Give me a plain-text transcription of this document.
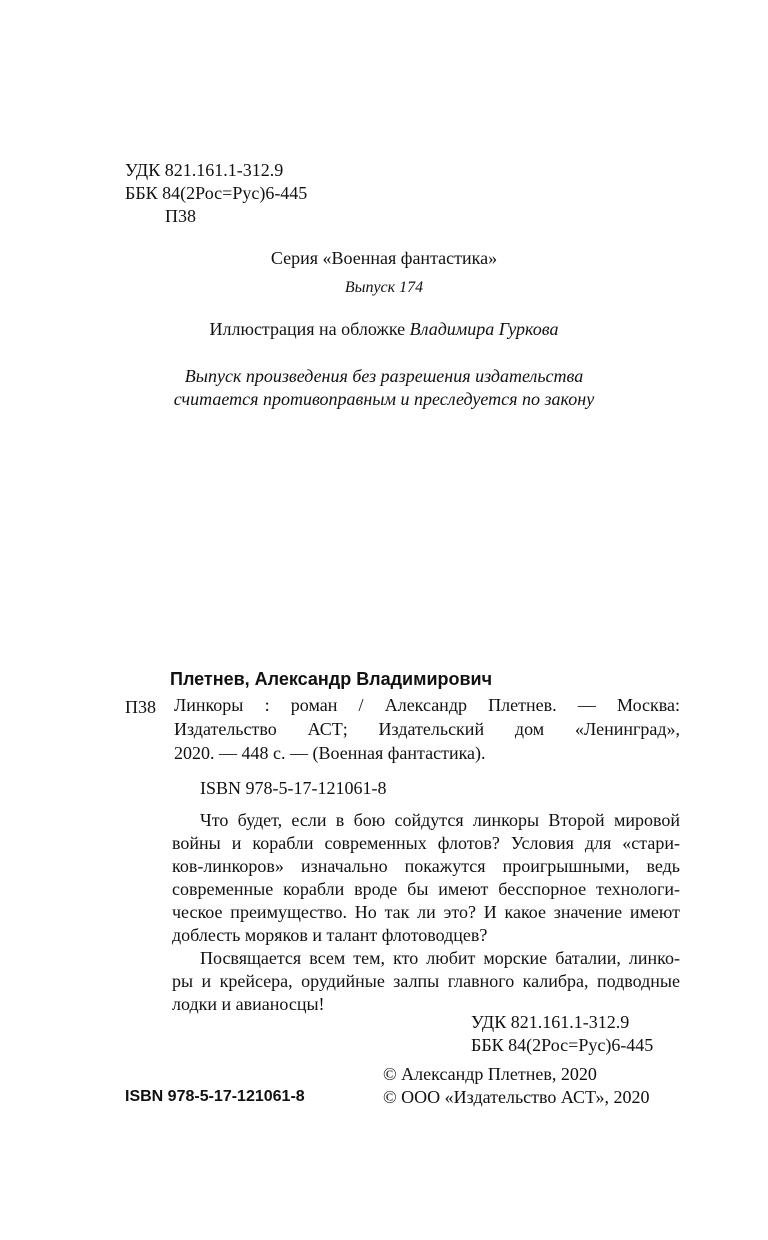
УДК 821.161.1-312.9
ББК 84(2Рос=Рус)6-445
П38
Серия «Военная фантастика»
Выпуск 174
Иллюстрация на обложке Владимира Гуркова
Выпуск произведения без разрешения издательства
считается противоправным и преследуется по закону
Плетнев, Александр Владимирович
П38 Линкоры : роман / Александр Плетнев. — Москва:
Издательство АСТ; Издательский дом «Ленинград»,
2020. — 448 с. — (Военная фантастика).
ISBN 978-5-17-121061-8
Что будет, если в бою сойдутся линкоры Второй мировой
войны и корабли современных флотов? Условия для «стари-
ков-линкоров» изначально покажутся проигрышными, ведь
современные корабли вроде бы имеют бесспорное технологи-
ческое преимущество. Но так ли это? И какое значение имеют
доблесть моряков и талант флотоводцев?
Посвящается всем тем, кто любит морские баталии, линко-
ры и крейсера, орудийные залпы главного калибра, подводные
лодки и авианосцы!
УДК 821.161.1-312.9
ББК 84(2Рос=Рус)6-445
© Александр Плетнев, 2020
© ООО «Издательство АСТ», 2020
ISBN 978-5-17-121061-8
